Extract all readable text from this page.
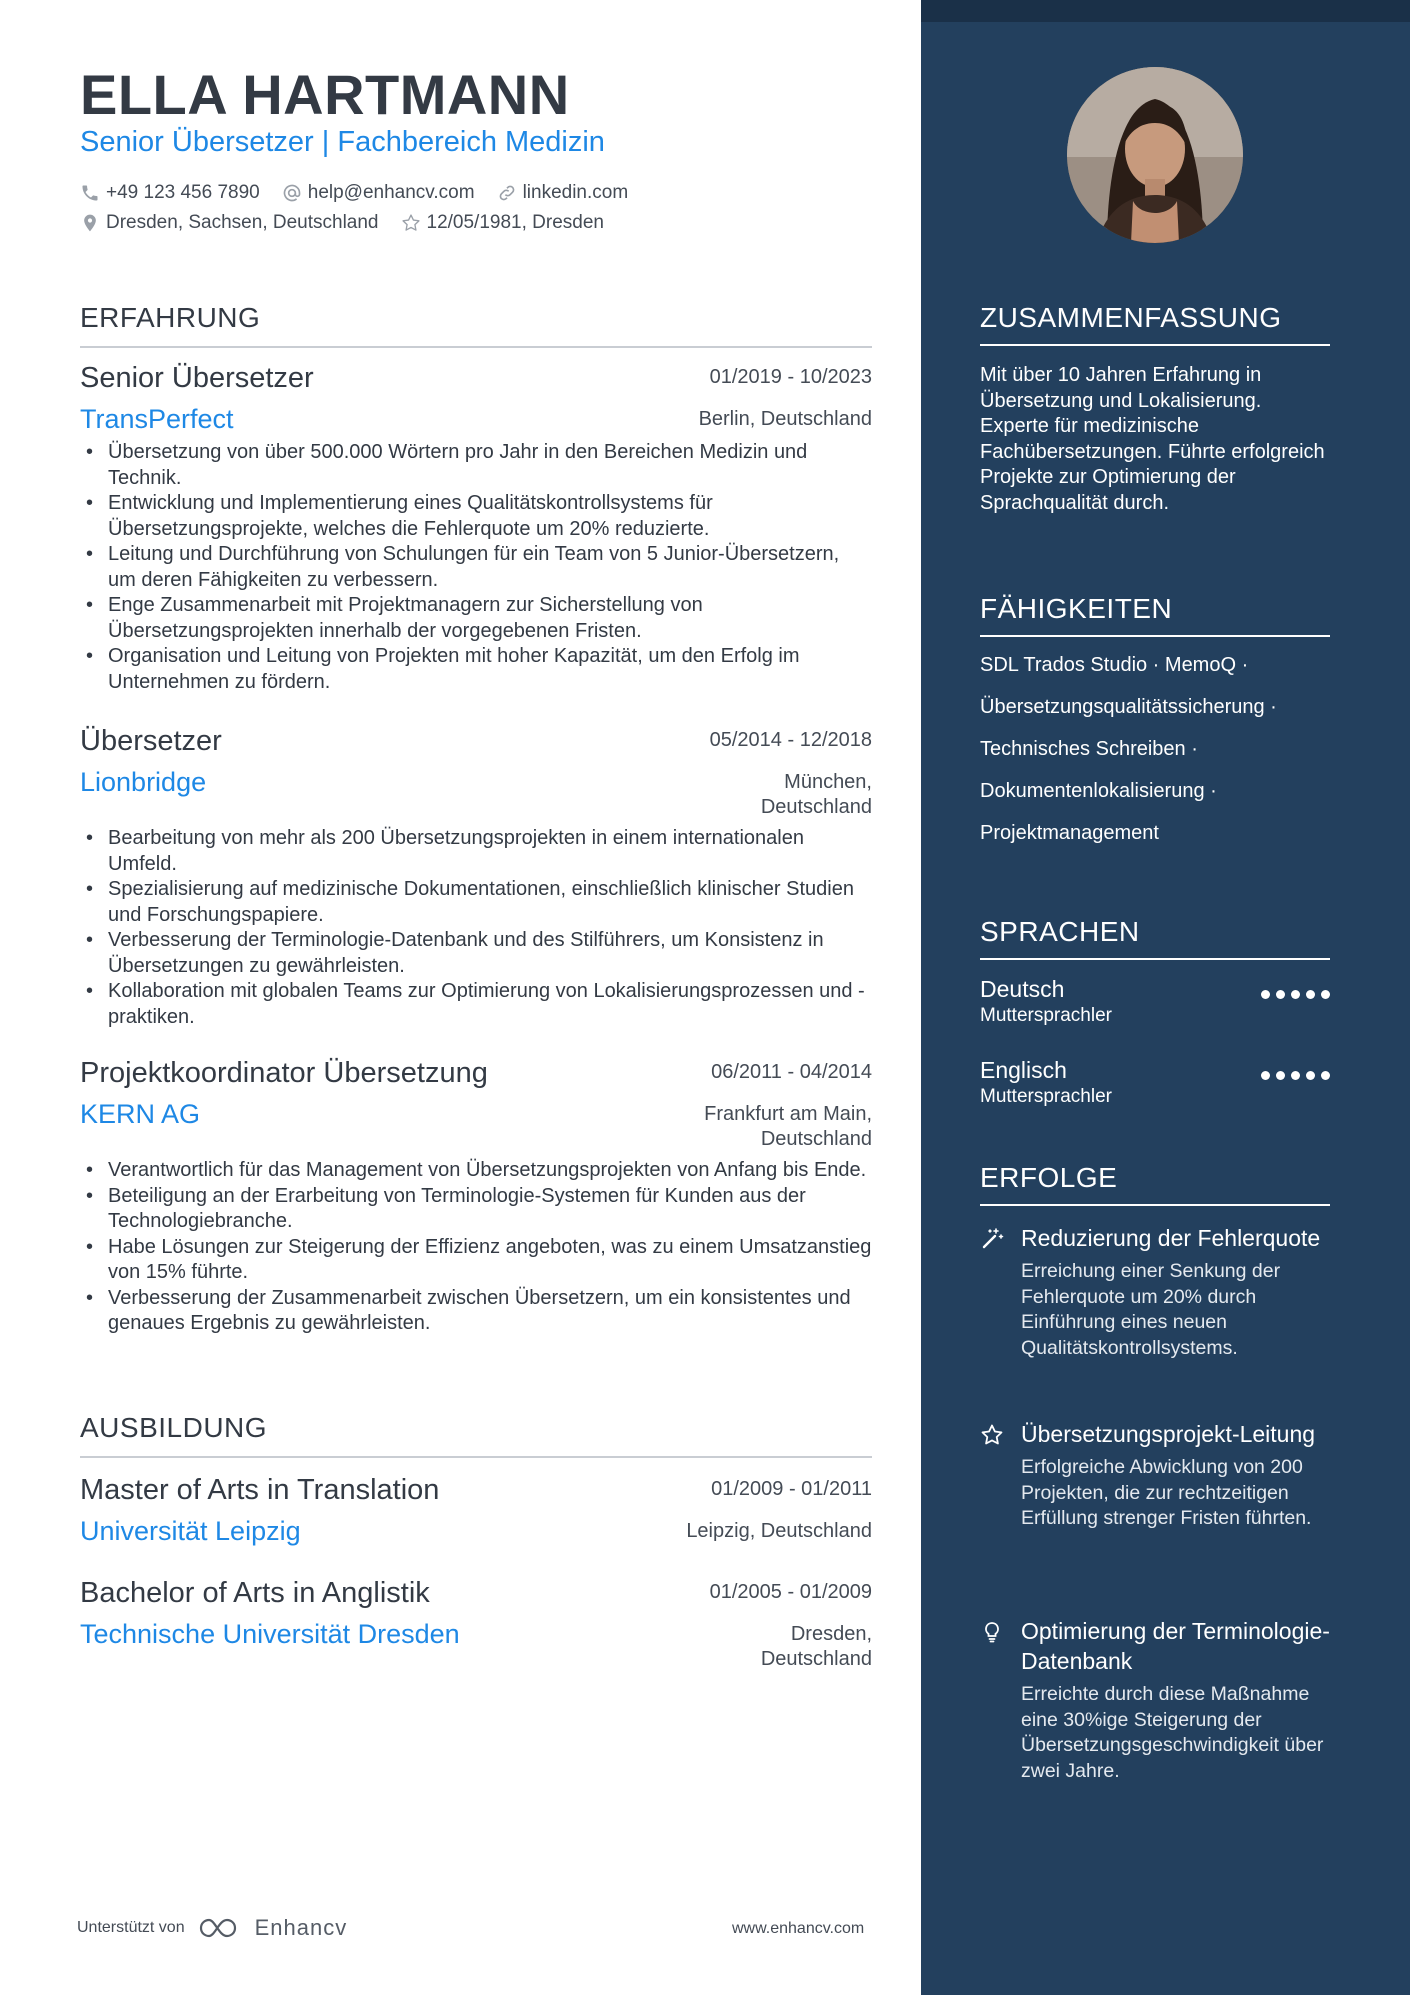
ELLA HARTMANN
Senior Übersetzer | Fachbereich Medizin
+49 123 456 7890	help@enhancv.com	linkedin.com
Dresden, Sachsen, Deutschland	12/05/1981, Dresden
ERFAHRUNG
Senior Übersetzer	01/2019 - 10/2023
TransPerfect	Berlin, Deutschland
• Übersetzung von über 500.000 Wörtern pro Jahr in den Bereichen Medizin und Technik.
• Entwicklung und Implementierung eines Qualitätskontrollsystems für Übersetzungsprojekte, welches die Fehlerquote um 20% reduzierte.
• Leitung und Durchführung von Schulungen für ein Team von 5 Junior-Übersetzern, um deren Fähigkeiten zu verbessern.
• Enge Zusammenarbeit mit Projektmanagern zur Sicherstellung von Übersetzungsprojekten innerhalb der vorgegebenen Fristen.
• Organisation und Leitung von Projekten mit hoher Kapazität, um den Erfolg im Unternehmen zu fördern.
Übersetzer	05/2014 - 12/2018
Lionbridge	München, Deutschland
• Bearbeitung von mehr als 200 Übersetzungsprojekten in einem internationalen Umfeld.
• Spezialisierung auf medizinische Dokumentationen, einschließlich klinischer Studien und Forschungspapiere.
• Verbesserung der Terminologie-Datenbank und des Stilführers, um Konsistenz in Übersetzungen zu gewährleisten.
• Kollaboration mit globalen Teams zur Optimierung von Lokalisierungsprozessen und -praktiken.
Projektkoordinator Übersetzung	06/2011 - 04/2014
KERN AG	Frankfurt am Main, Deutschland
• Verantwortlich für das Management von Übersetzungsprojekten von Anfang bis Ende.
• Beteiligung an der Erarbeitung von Terminologie-Systemen für Kunden aus der Technologiebranche.
• Habe Lösungen zur Steigerung der Effizienz angeboten, was zu einem Umsatzanstieg von 15% führte.
• Verbesserung der Zusammenarbeit zwischen Übersetzern, um ein konsistentes und genaues Ergebnis zu gewährleisten.
AUSBILDUNG
Master of Arts in Translation	01/2009 - 01/2011
Universität Leipzig	Leipzig, Deutschland
Bachelor of Arts in Anglistik	01/2005 - 01/2009
Technische Universität Dresden	Dresden, Deutschland
Unterstützt von	Enhancv	www.enhancv.com
ZUSAMMENFASSUNG
Mit über 10 Jahren Erfahrung in Übersetzung und Lokalisierung. Experte für medizinische Fachübersetzungen. Führte erfolgreich Projekte zur Optimierung der Sprachqualität durch.
FÄHIGKEITEN
SDL Trados Studio · MemoQ ·
Übersetzungsqualitätssicherung ·
Technisches Schreiben ·
Dokumentenlokalisierung ·
Projektmanagement
SPRACHEN
Deutsch
Muttersprachler
Englisch
Muttersprachler
ERFOLGE
Reduzierung der Fehlerquote
Erreichung einer Senkung der Fehlerquote um 20% durch Einführung eines neuen Qualitätskontrollsystems.
Übersetzungsprojekt-Leitung
Erfolgreiche Abwicklung von 200 Projekten, die zur rechtzeitigen Erfüllung strenger Fristen führten.
Optimierung der Terminologie-Datenbank
Erreichte durch diese Maßnahme eine 30%ige Steigerung der Übersetzungsgeschwindigkeit über zwei Jahre.
